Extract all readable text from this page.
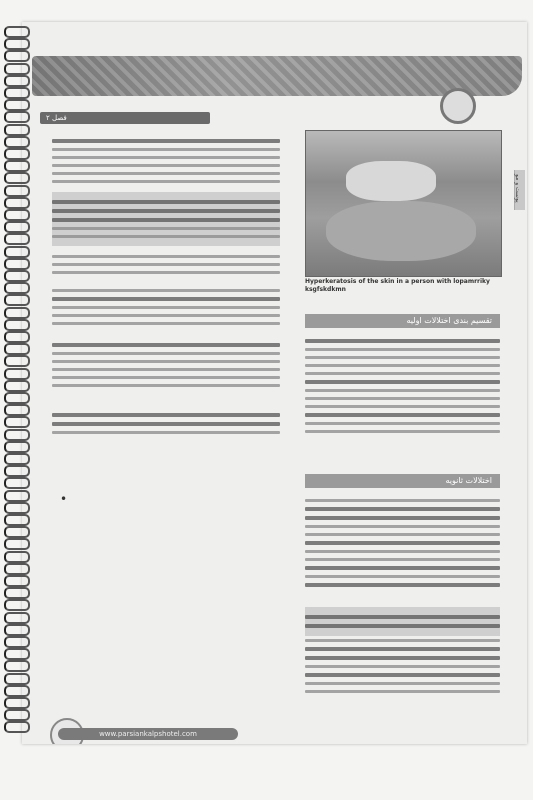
فصل ۲
پوست و مو
Hyperkeratosis of the skin in a person with lopamrriky ksgfskdkmn
تقسیم بندی اختلالات اولیه
اختلالات ثانویه
•
www.parsiankalpshotel.com
